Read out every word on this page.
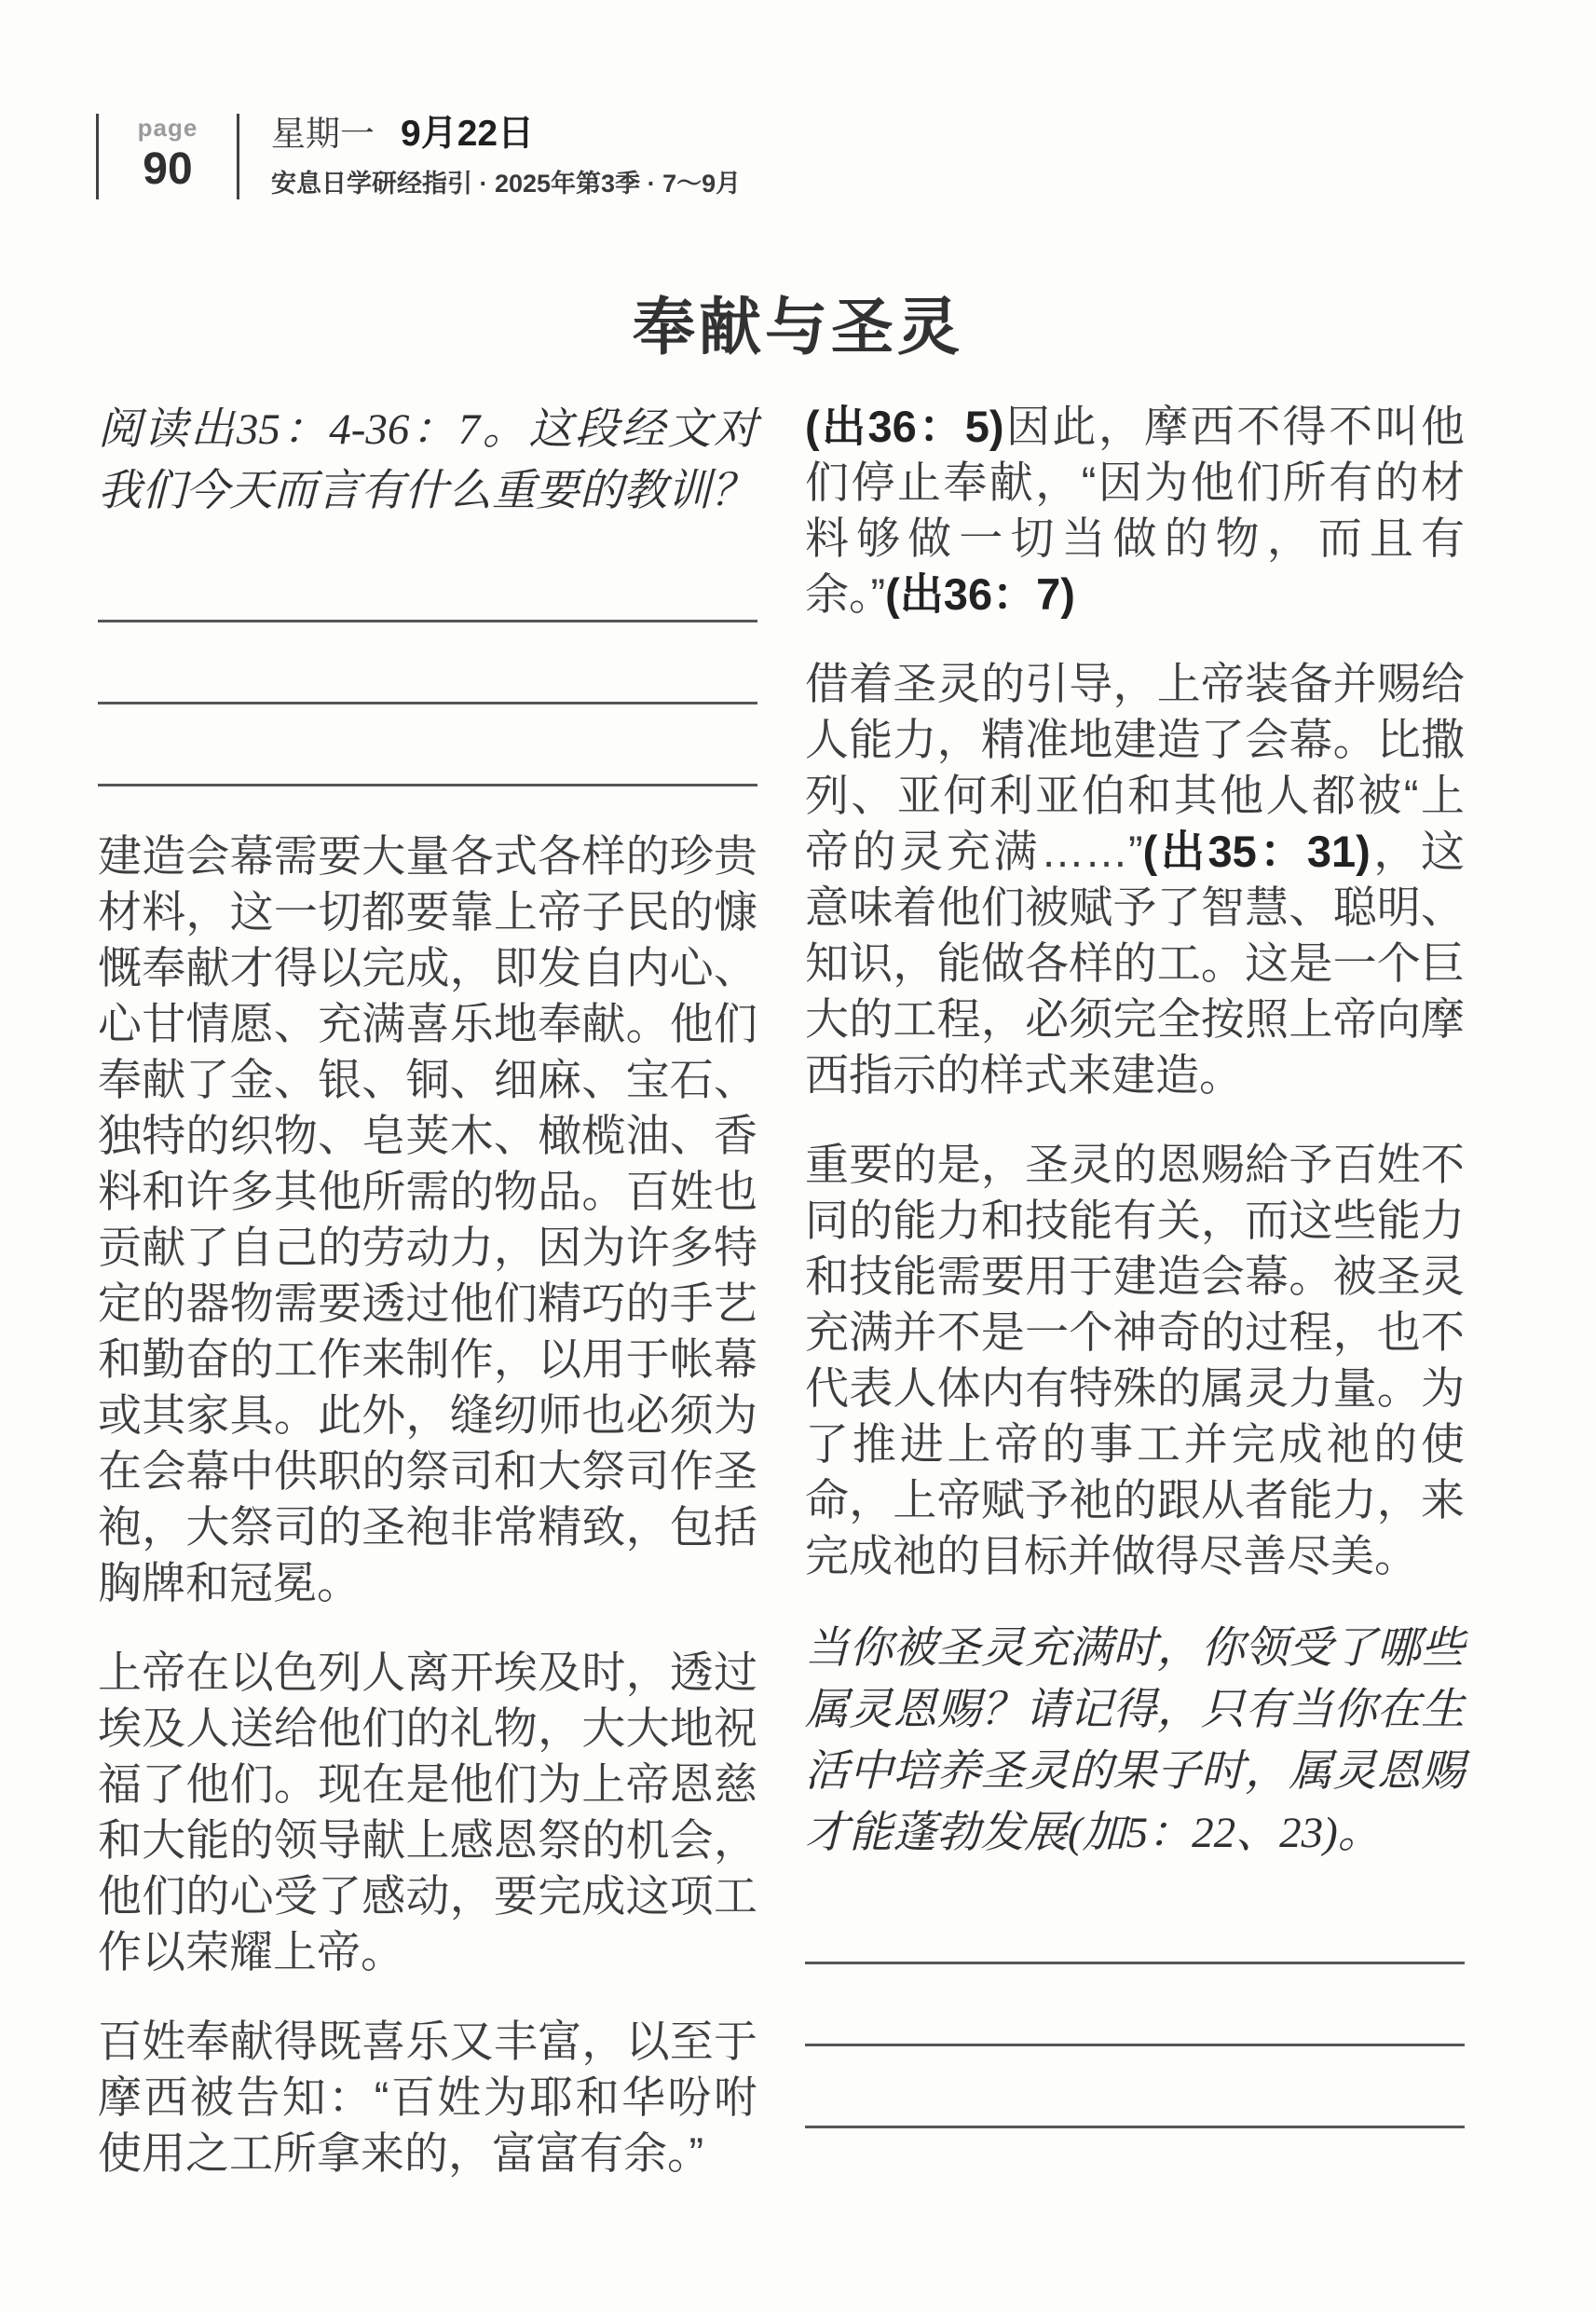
page
90
星期一 9月22日
安息日学研经指引 · 2025年第3季 · 7～9月
奉献与圣灵

阅读出35：4-36：7。这段经文对我们今天而言有什么重要的教训？

建造会幕需要大量各式各样的珍贵材料，这一切都要靠上帝子民的慷慨奉献才得以完成，即发自内心、心甘情愿、充满喜乐地奉献。他们奉献了金、银、铜、细麻、宝石、独特的织物、皂荚木、橄榄油、香料和许多其他所需的物品。百姓也贡献了自己的劳动力，因为许多特定的器物需要透过他们精巧的手艺和勤奋的工作来制作，以用于帐幕或其家具。此外，缝纫师也必须为在会幕中供职的祭司和大祭司作圣袍，大祭司的圣袍非常精致，包括胸牌和冠冕。

上帝在以色列人离开埃及时，透过埃及人送给他们的礼物，大大地祝福了他们。现在是他们为上帝恩慈和大能的领导献上感恩祭的机会，他们的心受了感动，要完成这项工作以荣耀上帝。

百姓奉献得既喜乐又丰富，以至于摩西被告知：“百姓为耶和华吩咐使用之工所拿来的，富富有余。”

(出36：5)因此，摩西不得不叫他们停止奉献，“因为他们所有的材料够做一切当做的物，而且有余。”(出36：7)

借着圣灵的引导，上帝装备并赐给人能力，精准地建造了会幕。比撒列、亚何利亚伯和其他人都被“上帝的灵充满……”(出35：31)，这意味着他们被赋予了智慧、聪明、知识，能做各样的工。这是一个巨大的工程，必须完全按照上帝向摩西指示的样式来建造。

重要的是，圣灵的恩赐給予百姓不同的能力和技能有关，而这些能力和技能需要用于建造会幕。被圣灵充满并不是一个神奇的过程，也不代表人体内有特殊的属灵力量。为了推进上帝的事工并完成祂的使命，上帝赋予祂的跟从者能力，来完成祂的目标并做得尽善尽美。

当你被圣灵充满时，你领受了哪些属灵恩赐？请记得，只有当你在生活中培养圣灵的果子时，属灵恩赐才能蓬勃发展(加5：22、23)。
